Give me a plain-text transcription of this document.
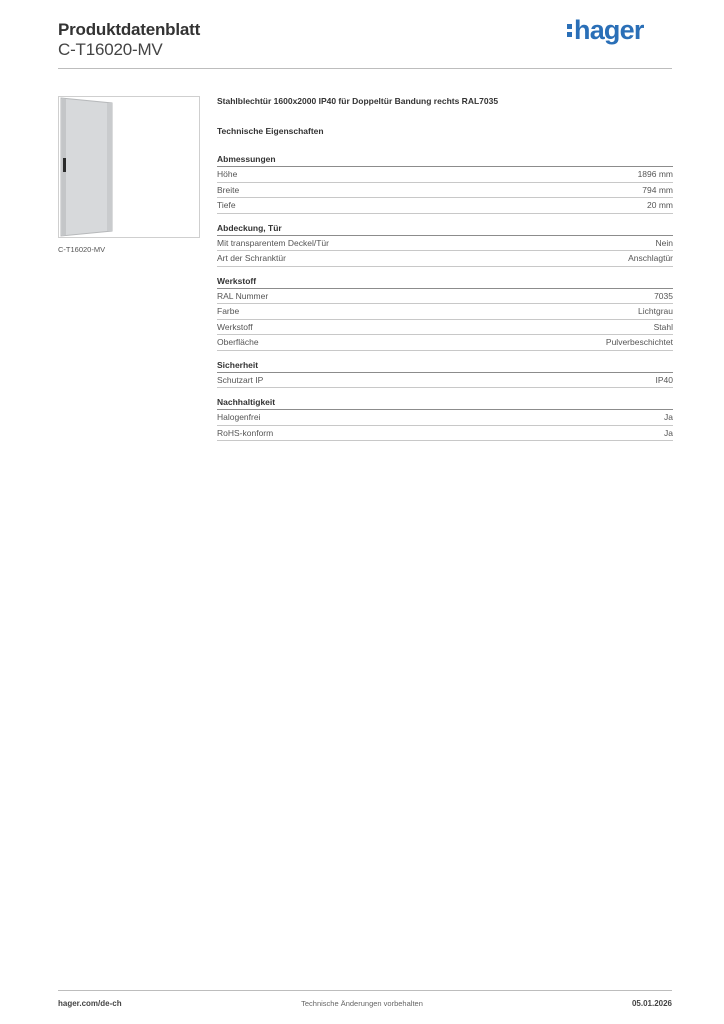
Produktdatenblatt
C-T16020-MV
hager
C-T16020-MV
Stahlblechtür 1600x2000 IP40 für Doppeltür Bandung rechts RAL7035
Technische Eigenschaften
Abmessungen
Höhe	1896 mm
Breite	794 mm
Tiefe	20 mm
Abdeckung, Tür
Mit transparentem Deckel/Tür	Nein
Art der Schranktür	Anschlagtür
Werkstoff
RAL Nummer	7035
Farbe	Lichtgrau
Werkstoff	Stahl
Oberfläche	Pulverbeschichtet
Sicherheit
Schutzart IP	IP40
Nachhaltigkeit
Halogenfrei	Ja
RoHS-konform	Ja
hager.com/de-ch	Technische Änderungen vorbehalten	05.01.2026
